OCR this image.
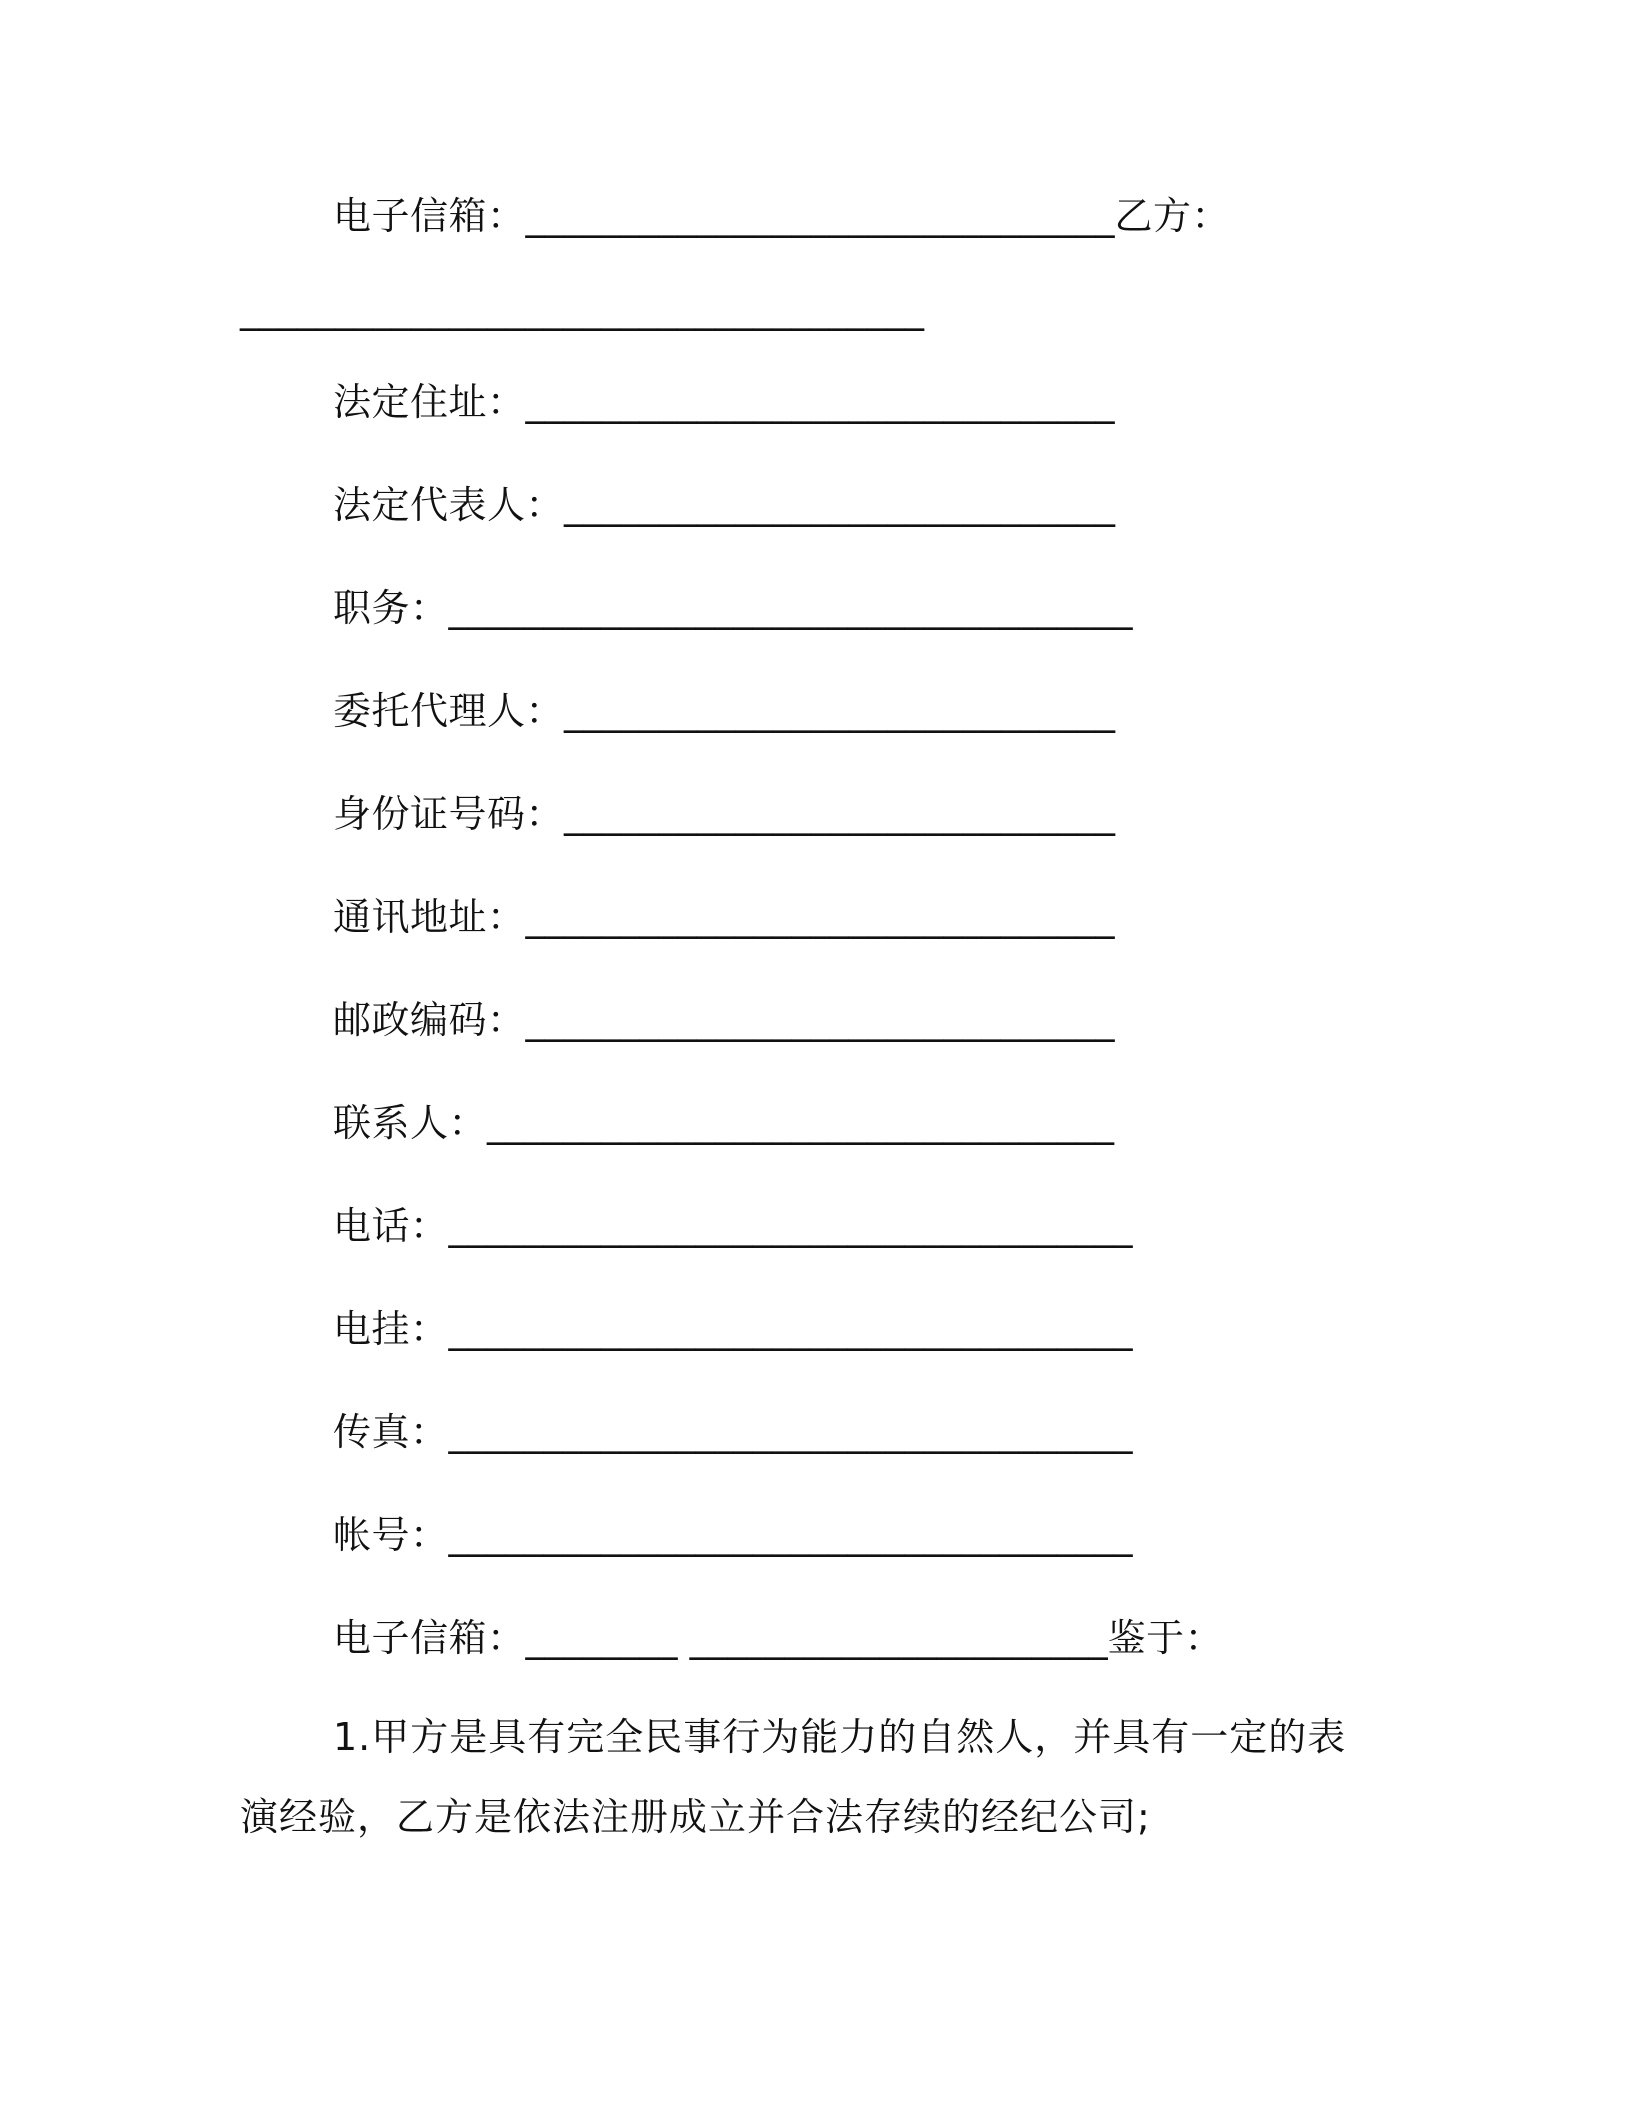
电子信箱：_______________________________乙方：
____________________________________
法定住址：_______________________________
法定代表人：_____________________________
职务：____________________________________
委托代理人：_____________________________
身份证号码：_____________________________
通讯地址：_______________________________
邮政编码：_______________________________
联系人：_________________________________
电话：____________________________________
电挂：____________________________________
传真：____________________________________
帐号：____________________________________
电子信箱：________ ______________________鉴于：

1.甲方是具有完全民事行为能力的自然人，并具有一定的表演经验，乙方是依法注册成立并合法存续的经纪公司;
